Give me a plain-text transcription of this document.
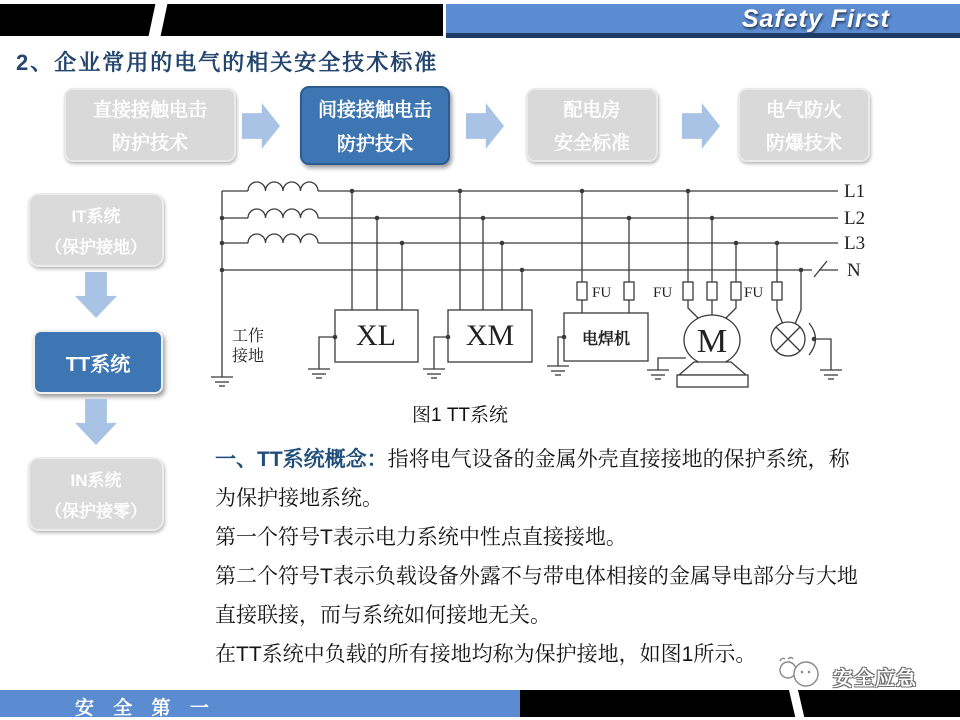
Safety First
2、企业常用的电气的相关安全技术标准
直接接触电击
防护技术
间接接触电击
防护技术
配电房
安全标准
电气防火
防爆技术
IT系统
（保护接地）
TT系统
IN系统
（保护接零）
L1
L2
L3
N
FU	FU	FU
XL XM	M
电焊机
工作
接地
图1 TT系统
一、TT系统概念：指将电气设备的金属外壳直接接地的保护系统，称
为保护接地系统。
第一个符号T表示电力系统中性点直接接地。
第二个符号T表示负载设备外露不与带电体相接的金属导电部分与大地
直接联接，而与系统如何接地无关。
在TT系统中负载的所有接地均称为保护接地，如图1所示。
安 全 第 一
安全应急
